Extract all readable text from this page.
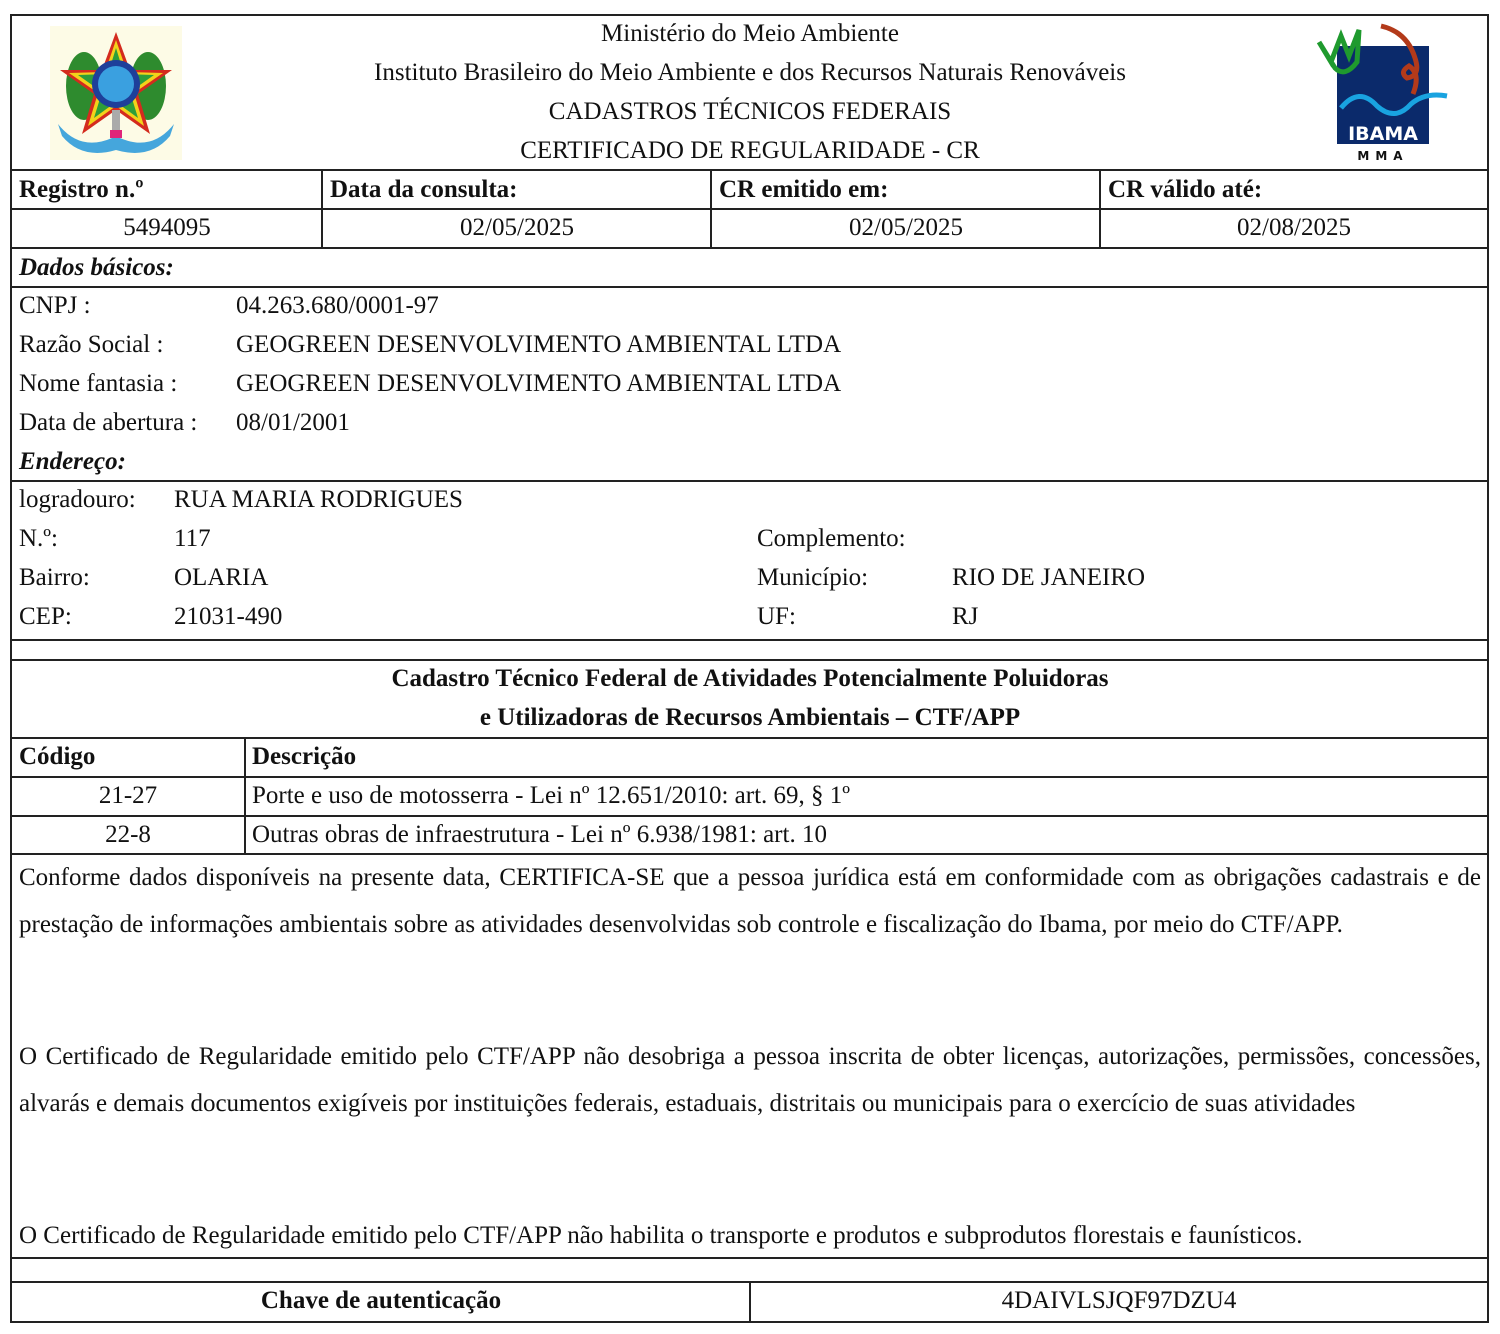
Ministério do Meio Ambiente
Instituto Brasileiro do Meio Ambiente e dos Recursos Naturais Renováveis
CADASTROS TÉCNICOS FEDERAIS
CERTIFICADO DE REGULARIDADE - CR
IBAMA
MMA
Registro n.º	Data da consulta:	CR emitido em:	CR válido até:
5494095	02/05/2025	02/05/2025	02/08/2025
Dados básicos:
CNPJ :	04.263.680/0001-97
Razão Social :	GEOGREEN DESENVOLVIMENTO AMBIENTAL LTDA
Nome fantasia : GEOGREEN DESENVOLVIMENTO AMBIENTAL LTDA
Data de abertura : 08/01/2001
Endereço:
logradouro: RUA MARIA RODRIGUES
N.º:	117
Bairro:	OLARIA
CEP:	21031-490
Complemento:
Município:	RIO DE JANEIRO
UF:	RJ
Cadastro Técnico Federal de Atividades Potencialmente Poluidoras
e Utilizadoras de Recursos Ambientais – CTF/APP
Código	Descrição
21-27	Porte e uso de motosserra - Lei nº 12.651/2010: art. 69, § 1º
22-8	Outras obras de infraestrutura - Lei nº 6.938/1981: art. 10
Conforme dados disponíveis na presente data, CERTIFICA-SE que a pessoa jurídica está em conformidade com as obrigações cadastrais e de prestação de informações ambientais sobre as atividades desenvolvidas sob controle e fiscalização do Ibama, por meio do CTF/APP.
O Certificado de Regularidade emitido pelo CTF/APP não desobriga a pessoa inscrita de obter licenças, autorizações, permissões, concessões, alvarás e demais documentos exigíveis por instituições federais, estaduais, distritais ou municipais para o exercício de suas atividades
O Certificado de Regularidade emitido pelo CTF/APP não habilita o transporte e produtos e subprodutos florestais e faunísticos.
Chave de autenticação	4DAIVLSJQF97DZU4
